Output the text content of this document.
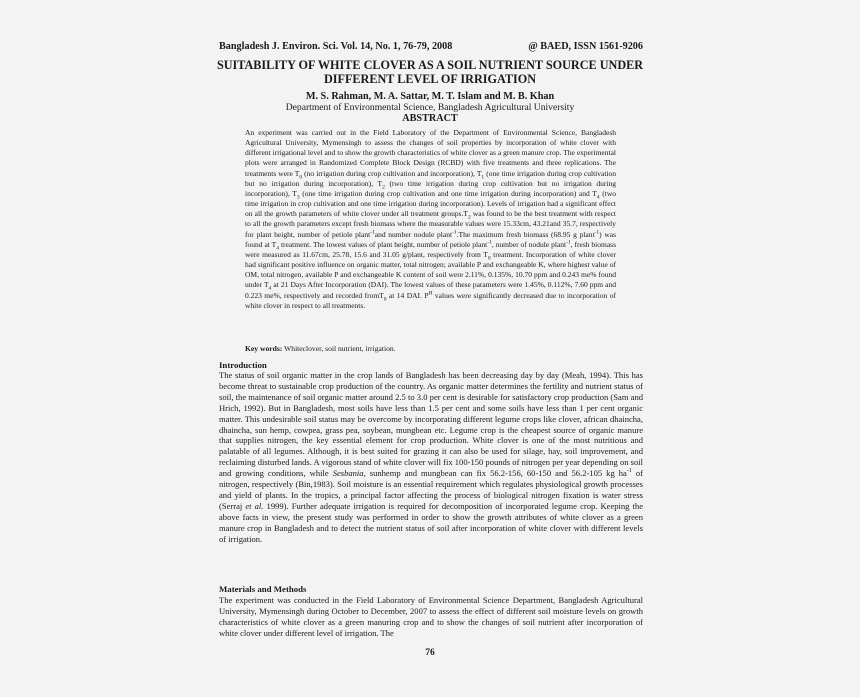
Bangladesh J. Environ. Sci. Vol. 14, No. 1, 76-79, 2008	@ BAED, ISSN 1561-9206
SUITABILITY OF WHITE CLOVER AS A SOIL NUTRIENT SOURCE UNDER DIFFERENT LEVEL OF IRRIGATION
M. S. Rahman, M. A. Sattar, M. T. Islam and M. B. Khan
Department of Environmental Science, Bangladesh Agricultural University
ABSTRACT
An experiment was carried out in the Field Laboratory of the Department of Environmental Science, Bangladesh Agricultural University, Mymensingh to assess the changes of soil properties by incorporation of white clover with different irrigational level and to show the growth characteristics of white clover as a green manure crop. The experimental plots were arranged in Randomized Complete Block Design (RCBD) with five treatments and three replications. The treatments were $T_0$ (no irrigation during crop cultivation and incorporation), $T_1$ (one time irrigation during crop cultivation but no irrigation during incorporation), $T_2$ (two time irrigation during crop cultivation but no irrigation during incorporation), $T_3$ (one time irrigation during crop cultivation and one time irrigation during incorporation) and $T_4$ (two time irrigation in crop cultivation and one time irrigation during incorporation). Levels of irrigation had a significant effect on all the growth parameters of white clover under all treatment $groups.T_2$ was found to be the best treatment with respect to all the growth parameters except fresh biomass where the measurable values were 15.33cm, 43.21and 35.7, respectively for plant height, number of petiole plant$^{-1}$and number nodule plant$^{-1}$.The maximum fresh biomass (68.95 g plant$^{-1}$) was found at $T_4$ treatment. The lowest values of plant height, number of petiole plant$^{-1}$, number of nodule plant$^{-1}$, fresh biomass were measured as 11.67cm, 25.78, 15.6 and 31.05 g/plant, respectively from $T_0$ treatment. Incorporation of white clover had significant positive influence on organic matter, total nitrogen; available P and exchangeable K, where highest value of OM, total nitrogen, available P and exchangeable K content of soil were 2.11%, 0.135%, 10.70 ppm and 0.243 me% found under $T_4$ at 21 Days After Incorporation (DAI). The lowest values of these parameters were 1.45%, 0.112%, 7.60 ppm and 0.223 me%, respectively and recorded fromT$_0$ at 14 DAI. $P^H$ values were significantly decreased due to incorporation of white clover in respect to all treatments.
Key words: Whiteclover, soil nutrient, irrigation.
Introduction
The status of soil organic matter in the crop lands of Bangladesh has been decreasing day by day (Meah, 1994). This has become threat to sustainable crop production of the country. As organic matter determines the fertility and nutrient status of soil, the maintenance of soil organic matter around 2.5 to 3.0 per cent is desirable for satisfactory crop production (Sam and Hrich, 1992). But in Bangladesh, most soils have less than 1.5 per cent and some soils have less than 1 per cent organic matter. This undesirable soil status may be overcome by incorporating different legume crops like clover, african dhaincha, dhaincha, sun hemp, cowpea, grass pea, soybean, mungbean etc. Legume crop is the cheapest source of organic manure that supplies nitrogen, the key essential element for crop production. White clover is one of the most nutritious and palatable of all legumes. Although, it is best suited for grazing it can also be used for silage, hay, soil improvement, and reclaiming disturbed lands. A vigorous stand of white clover will fix 100-150 pounds of nitrogen per year depending on soil and growing conditions, while Sesbania, sunhemp and mungbean can fix 56.2-156, 60-150 and 56.2-105 kg $ha^{-1}$ of nitrogen, respectively (Bin,1983). Soil moisture is an essential requirement which regulates physiological growth processes and yield of plants. In the tropics, a principal factor affecting the process of biological nitrogen fixation is water stress (Serraj et al. 1999). Further adequate irrigation is required for decomposition of incorporated legume crop. Keeping the above facts in view, the present study was performed in order to show the growth attributes of white clover as a green manure crop in Bangladesh and to detect the nutrient status of soil after incorporation of white clover with different levels of irrigation.
Materials and Methods
The experiment was conducted in the Field Laboratory of Environmental Science Department, Bangladesh Agricultural University, Mymensingh during October to December, 2007 to assess the effect of different soil moisture levels on growth characteristics of white clover as a green manuring crop and to show the changes of soil nutrient after incorporation of white clover under different level of irrigation. The
76
